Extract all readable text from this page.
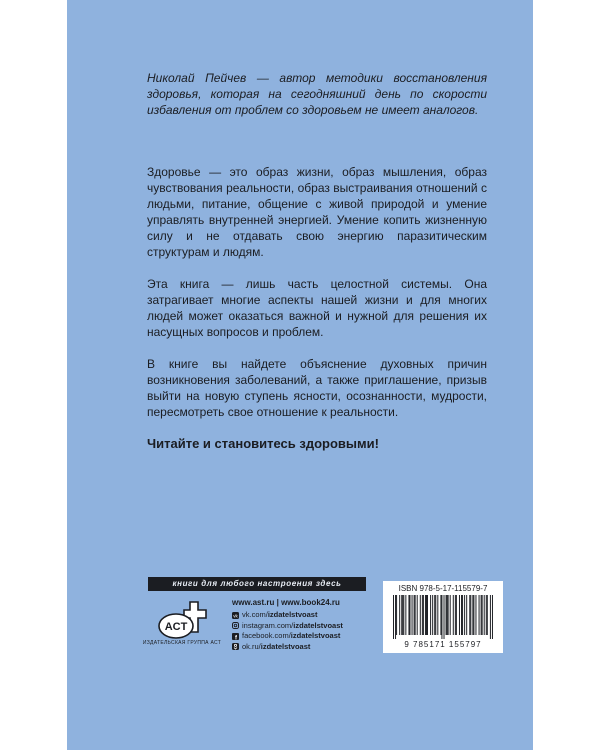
Николай Пейчев — автор методики восстановления здоровья, которая на сегодняшний день по скорости избавления от проблем со здоровьем не имеет аналогов.

Здоровье — это образ жизни, образ мышления, образ чувствования реальности, образ выстраивания отношений с людьми, питание, общение с живой природой и умение управлять внутренней энергией. Умение копить жизненную силу и не отдавать свою энергию паразитическим структурам и людям.

Эта книга — лишь часть целостной системы. Она затрагивает многие аспекты нашей жизни и для многих людей может оказаться важной и нужной для решения их насущных вопросов и проблем.

В книге вы найдете объяснение духовных причин возникновения заболеваний, а также приглашение, призыв выйти на новую ступень ясности, осознанности, мудрости, пересмотреть свое отношение к реальности.

Читайте и становитесь здоровыми!

книги для любого настроения здесь
ACT
ИЗДАТЕЛЬСКАЯ ГРУППА АСТ
www.ast.ru | www.book24.ru
vk vk.com/ izdatelstvoast
instagram.com/ izdatelstvoast
f facebook.com/ izdatelstvoast
ok.ru/ izdatelstvoast
ISBN 978-5-17-115579-7
9 785171 155797
